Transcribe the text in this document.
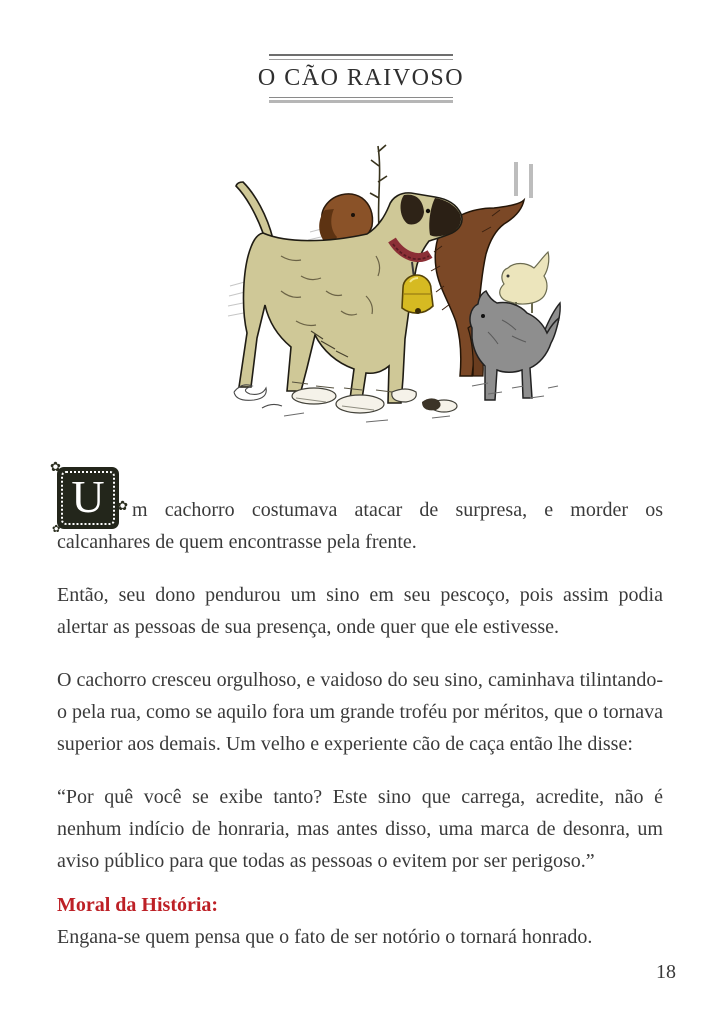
O CÃO RAIVOSO

✿
✿
✿
U	m cachorro costumava atacar de surpresa, e morder os calcanhares de quem encontrasse pela frente.

Então, seu dono pendurou um sino em seu pescoço, pois assim podia alertar as pessoas de sua presença, onde quer que ele estivesse.

O cachorro cresceu orgulhoso, e vaidoso do seu sino, caminhava tilintando-o pela rua, como se aquilo fora um grande troféu por méritos, que o tornava superior aos demais. Um velho e experiente cão de caça então lhe disse:

“Por quê você se exibe tanto? Este sino que carrega, acredite, não é nenhum indício de honraria, mas antes disso, uma marca de desonra, um aviso público para que todas as pessoas o evitem por ser perigoso.”

Moral da História:

Engana-se quem pensa que o fato de ser notório o tornará honrado.

18
